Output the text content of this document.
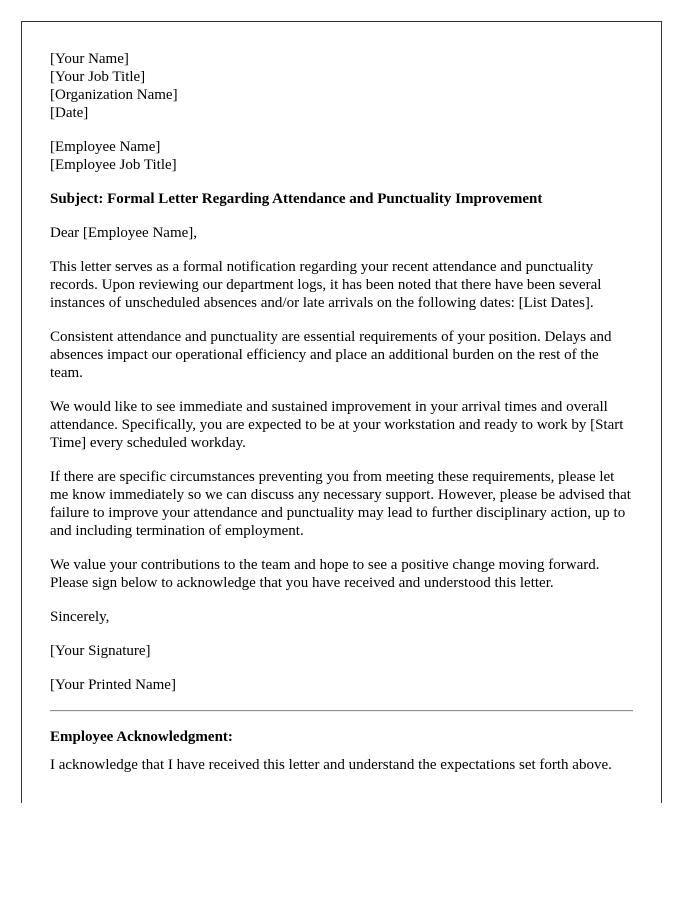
[Your Name]
[Your Job Title]
[Organization Name]
[Date]

[Employee Name]
[Employee Job Title]

Subject: Formal Letter Regarding Attendance and Punctuality Improvement

Dear [Employee Name],

This letter serves as a formal notification regarding your recent attendance and punctuality records. Upon reviewing our department logs, it has been noted that there have been several instances of unscheduled absences and/or late arrivals on the following dates: [List Dates].

Consistent attendance and punctuality are essential requirements of your position. Delays and absences impact our operational efficiency and place an additional burden on the rest of the team.

We would like to see immediate and sustained improvement in your arrival times and overall attendance. Specifically, you are expected to be at your workstation and ready to work by [Start Time] every scheduled workday.

If there are specific circumstances preventing you from meeting these requirements, please let me know immediately so we can discuss any necessary support. However, please be advised that failure to improve your attendance and punctuality may lead to further disciplinary action, up to and including termination of employment.

We value your contributions to the team and hope to see a positive change moving forward. Please sign below to acknowledge that you have received and understood this letter.

Sincerely,

[Your Signature]

[Your Printed Name]

Employee Acknowledgment:

I acknowledge that I have received this letter and understand the expectations set forth above.
